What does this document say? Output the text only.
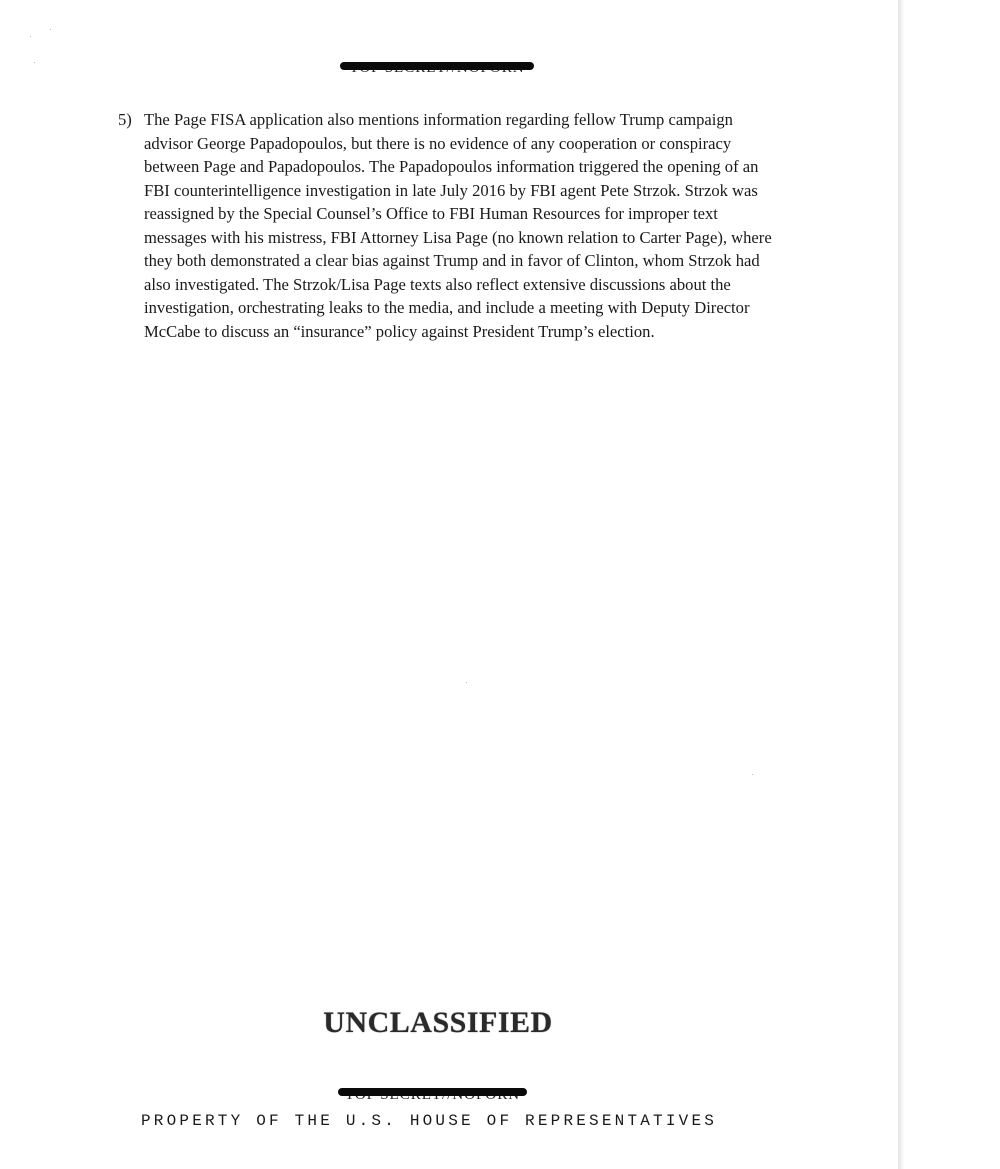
5) The Page FISA application also mentions information regarding fellow Trump campaign advisor George Papadopoulos, but there is no evidence of any cooperation or conspiracy between Page and Papadopoulos. The Papadopoulos information triggered the opening of an FBI counterintelligence investigation in late July 2016 by FBI agent Pete Strzok. Strzok was reassigned by the Special Counsel’s Office to FBI Human Resources for improper text messages with his mistress, FBI Attorney Lisa Page (no known relation to Carter Page), where they both demonstrated a clear bias against Trump and in favor of Clinton, whom Strzok had also investigated. The Strzok/Lisa Page texts also reflect extensive discussions about the investigation, orchestrating leaks to the media, and include a meeting with Deputy Director McCabe to discuss an “insurance” policy against President Trump’s election.
UNCLASSIFIED
PROPERTY OF THE U.S. HOUSE OF REPRESENTATIVES
